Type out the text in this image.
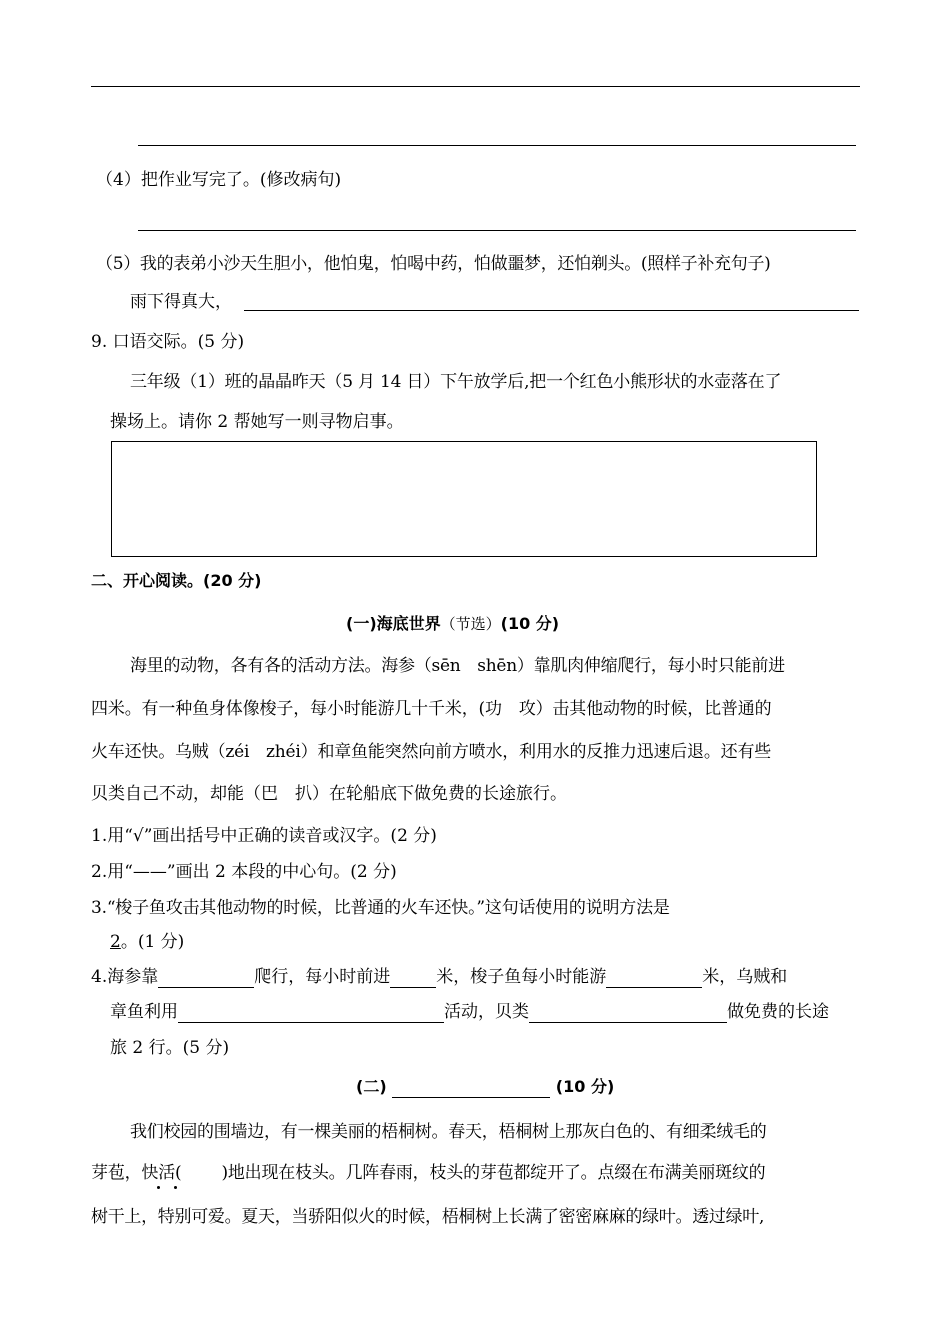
（4）把作业写完了。(修改病句)
（5）我的表弟小沙天生胆小，他怕鬼，怕喝中药，怕做噩梦，还怕剃头。(照样子补充句子)
雨下得真大，
9. 口语交际。(5 分)
三年级（1）班的晶晶昨天（5 月 14 日）下午放学后,把一个红色小熊形状的水壶落在了
操场上。请你 2 帮她写一则寻物启事。
二、开心阅读。(20 分)
(一)海底世界（节选）(10 分)
海里的动物，各有各的活动方法。海参（sēn　shēn）靠肌肉伸缩爬行，每小时只能前进
四米。有一种鱼身体像梭子，每小时能游几十千米，(功　攻）击其他动物的时候，比普通的
火车还快。乌贼（zéi　zhéi）和章鱼能突然向前方喷水，利用水的反推力迅速后退。还有些
贝类自己不动，却能（巴　扒）在轮船底下做免费的长途旅行。
1.用“√”画出括号中正确的读音或汉字。(2 分)
2.用“——”画出 2 本段的中心句。(2 分)
3.“梭子鱼攻击其他动物的时候，比普通的火车还快。”这句话使用的说明方法是
2。(1 分)
4.海参靠	爬行，每小时前进	米，梭子鱼每小时能游	米，乌贼和
章鱼利用	活动，贝类	做免费的长途
旅 2 行。(5 分)
(二)	(10 分)
我们校园的围墙边，有一棵美丽的梧桐树。春天，梧桐树上那灰白色的、有细柔绒毛的
芽苞，快活( )地出现在枝头。几阵春雨，枝头的芽苞都绽开了。点缀在布满美丽斑纹的
树干上，特别可爱。夏天，当骄阳似火的时候，梧桐树上长满了密密麻麻的绿叶。透过绿叶,
